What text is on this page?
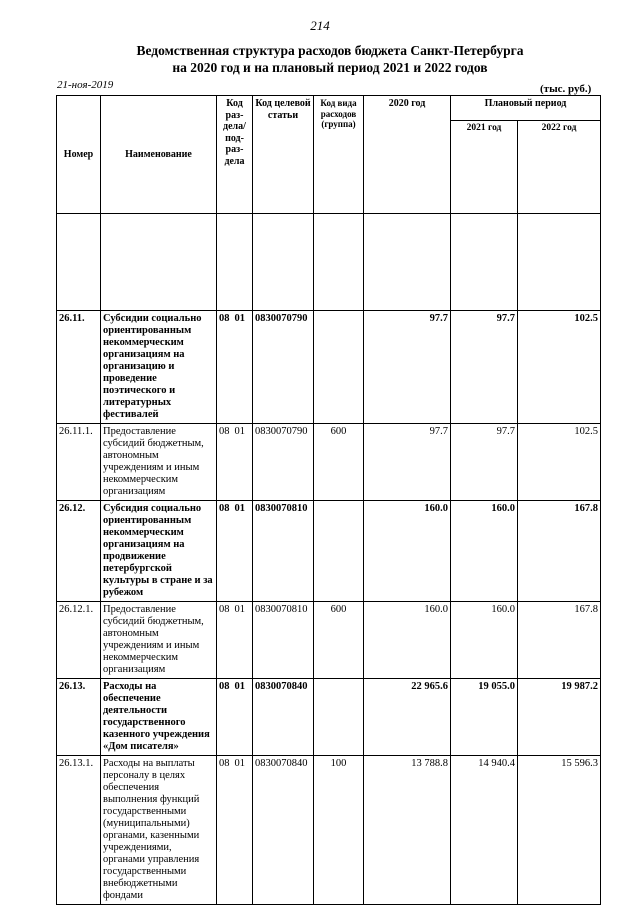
214
Ведомственная структура расходов бюджета Санкт-Петербурга
на 2020 год и на плановый период 2021 и 2022 годов
21-ноя-2019	(тыс. руб.)
Номер	Наименование	Код раз-дела/ под-раз-дела	Код целевой статьи	Код вида расходов (группа)	2020 год	Плановый период	
						2021 год	2022 год

26.11.	Субсидии социально ориентированным некоммерческим организациям на организацию и проведение поэтического и литературных фестивалей	08 01	0830070790		97.7	97.7	102.5
26.11.1.	Предоставление субсидий бюджетным, автономным учреждениям и иным некоммерческим организациям	08 01	0830070790	600	97.7	97.7	102.5
26.12.	Субсидия социально ориентированным некоммерческим организациям на продвижение петербургской культуры в стране и за рубежом	08 01	0830070810		160.0	160.0	167.8
26.12.1.	Предоставление субсидий бюджетным, автономным учреждениям и иным некоммерческим организациям	08 01	0830070810	600	160.0	160.0	167.8
26.13.	Расходы на обеспечение деятельности государственного казенного учреждения «Дом писателя»	08 01	0830070840		22 965.6	19 055.0	19 987.2
26.13.1.	Расходы на выплаты персоналу в целях обеспечения выполнения функций государственными (муниципальными) органами, казенными учреждениями, органами управления государственными внебюджетными фондами	08 01	0830070840	100	13 788.8	14 940.4	15 596.3
